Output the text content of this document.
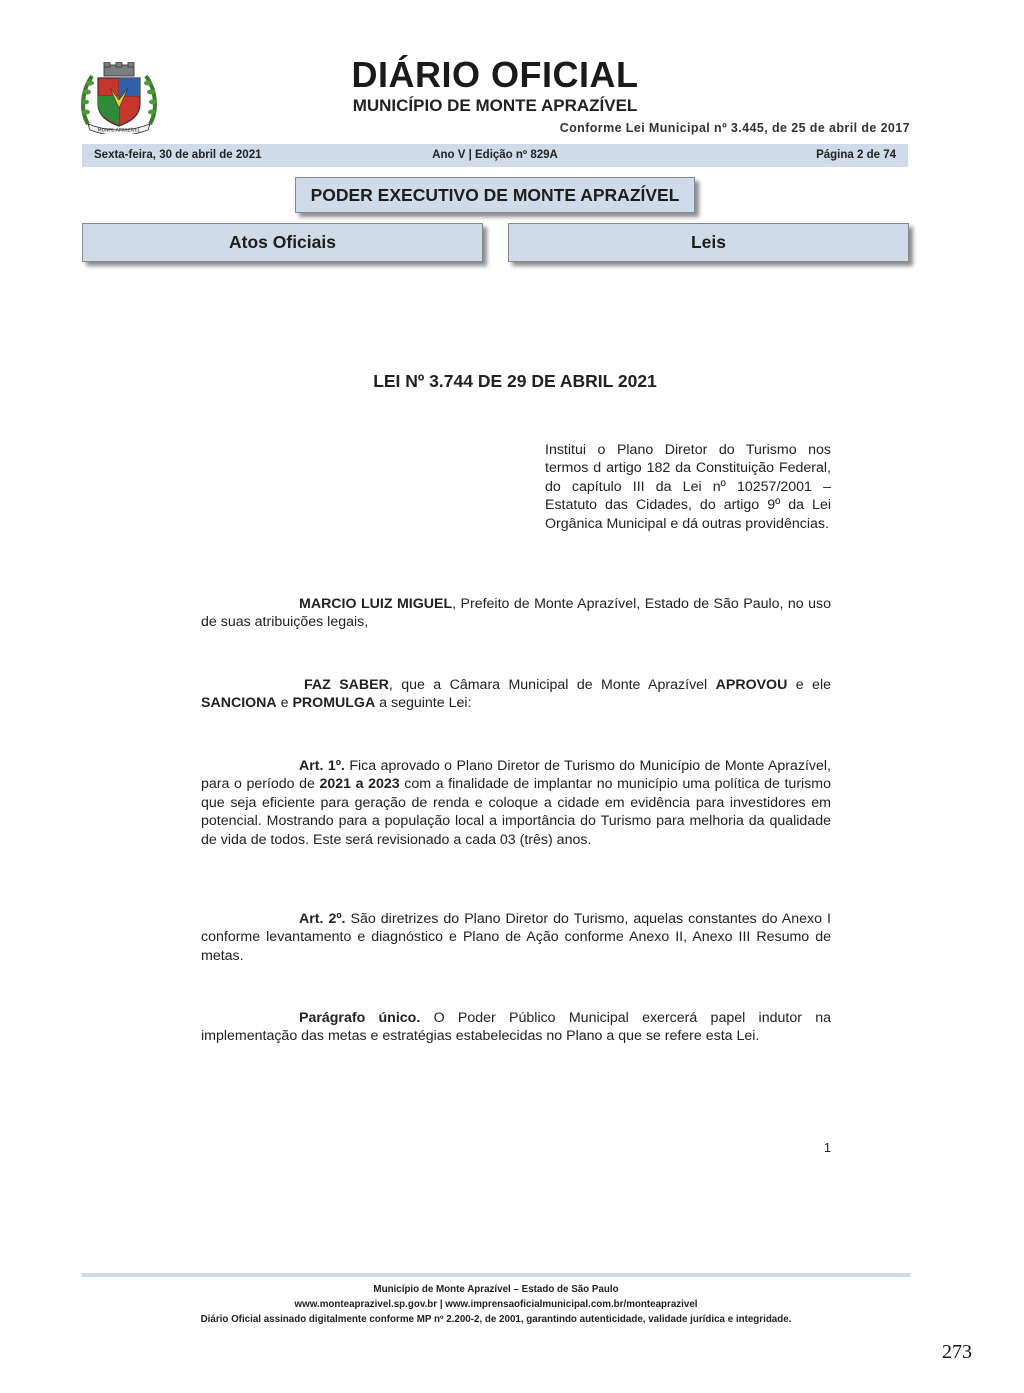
MONTE APRAZÍVEL
DIÁRIO OFICIAL
MUNICÍPIO DE MONTE APRAZÍVEL
Conforme Lei Municipal nº 3.445, de 25 de abril de 2017
Ano V | Edição nº 829A
Sexta-feira, 30 de abril de 2021	Página 2 de 74
PODER EXECUTIVO DE MONTE APRAZÍVEL
Atos Oficiais	Leis
LEI Nº 3.744 DE 29 DE ABRIL 2021
Institui o Plano Diretor do Turismo nos termos d artigo 182 da Constituição Federal, do capítulo III da Lei nº 10257/2001 – Estatuto das Cidades, do artigo 9º da Lei Orgânica Municipal e dá outras providências.
MARCIO LUIZ MIGUEL, Prefeito de Monte Aprazível, Estado de São Paulo, no uso de suas atribuições legais,
FAZ SABER, que a Câmara Municipal de Monte Aprazível APROVOU e ele SANCIONA e PROMULGA a seguinte Lei:
Art. 1º. Fica aprovado o Plano Diretor de Turismo do Município de Monte Aprazível, para o período de 2021 a 2023 com a finalidade de implantar no município uma política de turismo que seja eficiente para geração de renda e coloque a cidade em evidência para investidores em potencial. Mostrando para a população local a importância do Turismo para melhoria da qualidade de vida de todos. Este será revisionado a cada 03 (três) anos.
Art. 2º. São diretrizes do Plano Diretor do Turismo, aquelas constantes do Anexo I conforme levantamento e diagnóstico e Plano de Ação conforme Anexo II, Anexo III Resumo de metas.
Parágrafo único. O Poder Público Municipal exercerá papel indutor na implementação das metas e estratégias estabelecidas no Plano a que se refere esta Lei.
1
Município de Monte Aprazível – Estado de São Paulo
www.monteaprazivel.sp.gov.br | www.imprensaoficialmunicipal.com.br/monteaprazivel
Diário Oficial assinado digitalmente conforme MP nº 2.200-2, de 2001, garantindo autenticidade, validade jurídica e integridade.
273
